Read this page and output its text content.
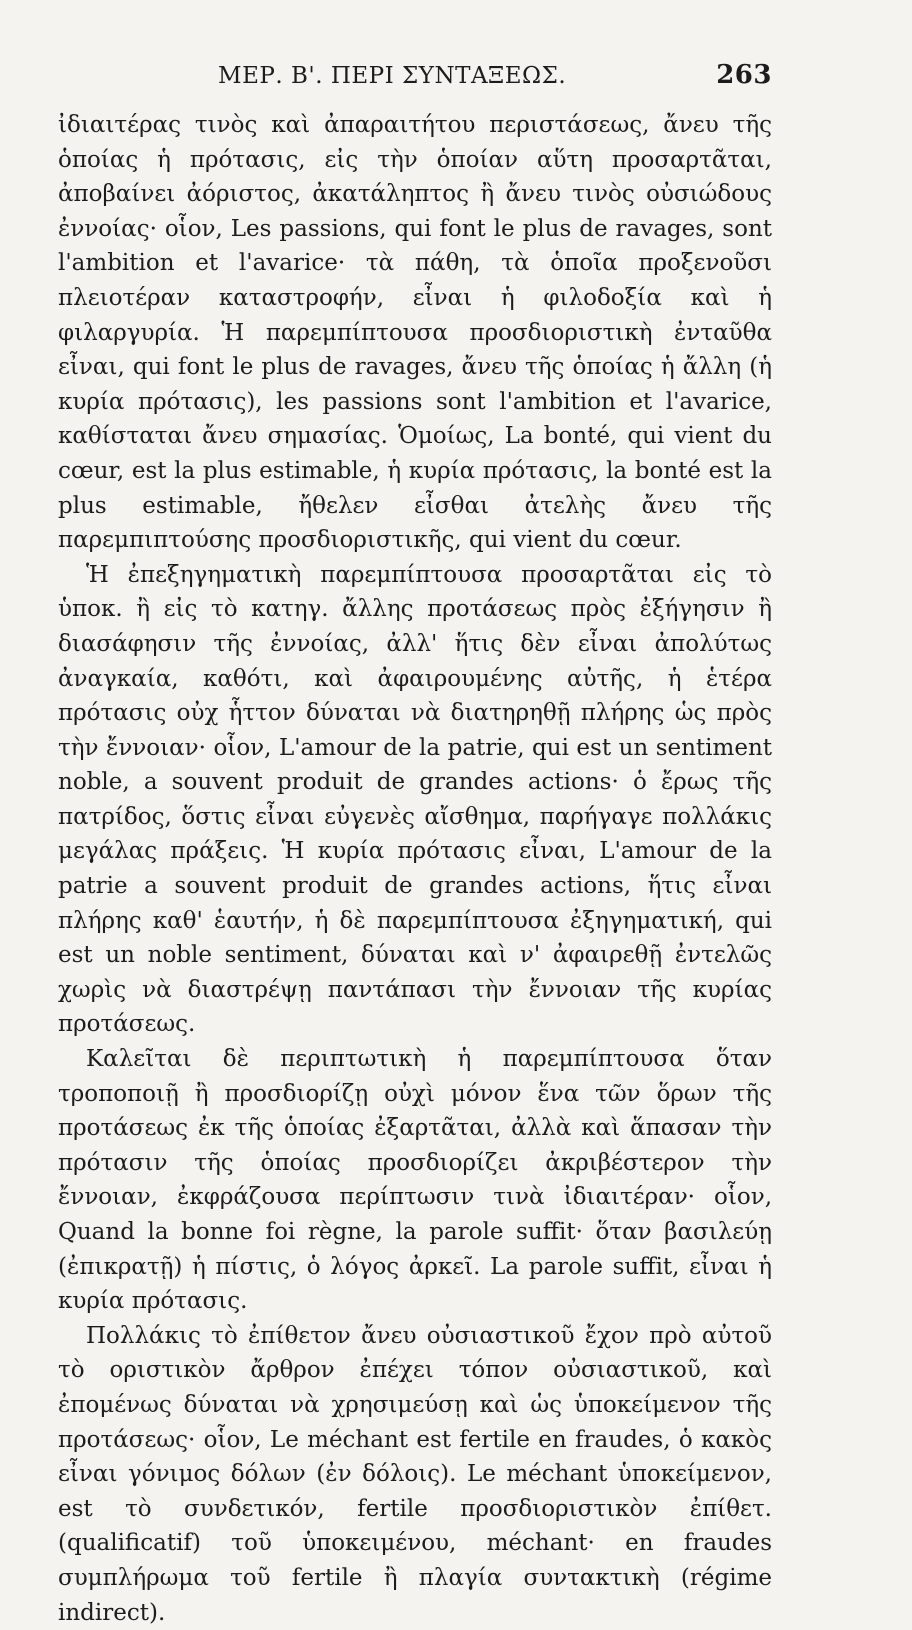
ΜΕΡ. Β'. ΠΕΡΙ ΣΥΝΤΑΞΕΩΣ.	263

ἰδιαιτέρας τινὸς καὶ ἀπαραιτήτου περιστάσεως, ἄνευ τῆς ὁποίας ἡ πρότασις, εἰς τὴν ὁποίαν αὕτη προσαρτᾶται, ἀποβαίνει ἀόριστος, ἀκατάληπτος ἢ ἄνευ τινὸς οὐσιώδους ἐννοίας· οἷον, Les passions, qui font le plus de ravages, sont l'ambition et l'avarice· τὰ πάθη, τὰ ὁποῖα προξενοῦσι πλειοτέραν καταστροφήν, εἶναι ἡ φιλοδοξία καὶ ἡ φιλαργυρία. Ἡ παρεμπίπτουσα προσδιοριστικὴ ἐνταῦθα εἶναι, qui font le plus de ravages, ἄνευ τῆς ὁποίας ἡ ἄλλη (ἡ κυρία πρότασις), les passions sont l'ambition et l'avarice, καθίσταται ἄνευ σημασίας. Ὁμοίως, La bonté, qui vient du cœur, est la plus estimable, ἡ κυρία πρότασις, la bonté est la plus estimable, ἤθελεν εἶσθαι ἀτελὴς ἄνευ τῆς παρεμπιπτούσης προσδιοριστικῆς, qui vient du cœur.

Ἡ ἐπεξηγηματικὴ παρεμπίπτουσα προσαρτᾶται εἰς τὸ ὑποκ. ἢ εἰς τὸ κατηγ. ἄλλης προτάσεως πρὸς ἐξήγησιν ἢ διασάφησιν τῆς ἐννοίας, ἀλλ' ἥτις δὲν εἶναι ἀπολύτως ἀναγκαία, καθότι, καὶ ἀφαιρουμένης αὐτῆς, ἡ ἑτέρα πρότασις οὐχ ἧττον δύναται νὰ διατηρηθῇ πλήρης ὡς πρὸς τὴν ἔννοιαν· οἷον, L'amour de la patrie, qui est un sentiment noble, a souvent produit de grandes actions· ὁ ἔρως τῆς πατρίδος, ὅστις εἶναι εὐγενὲς αἴσθημα, παρήγαγε πολλάκις μεγάλας πράξεις. Ἡ κυρία πρότασις εἶναι, L'amour de la patrie a souvent produit de grandes actions, ἥτις εἶναι πλήρης καθ' ἑαυτήν, ἡ δὲ παρεμπίπτουσα ἐξηγηματική, qui est un noble sentiment, δύναται καὶ ν' ἀφαιρεθῇ ἐντελῶς χωρὶς νὰ διαστρέψῃ παντάπασι τὴν ἔννοιαν τῆς κυρίας προτάσεως.

Καλεῖται δὲ περιπτωτικὴ ἡ παρεμπίπτουσα ὅταν τροποποιῇ ἢ προσδιορίζῃ οὐχὶ μόνον ἕνα τῶν ὅρων τῆς προτάσεως ἐκ τῆς ὁποίας ἐξαρτᾶται, ἀλλὰ καὶ ἅπασαν τὴν πρότασιν τῆς ὁποίας προσδιορίζει ἀκριβέστερον τὴν ἔννοιαν, ἐκφράζουσα περίπτωσιν τινὰ ἰδιαιτέραν· οἷον, Quand la bonne foi règne, la parole suffit· ὅταν βασιλεύῃ (ἐπικρατῇ) ἡ πίστις, ὁ λόγος ἀρκεῖ. La parole suffit, εἶναι ἡ κυρία πρότασις.

Πολλάκις τὸ ἐπίθετον ἄνευ οὐσιαστικοῦ ἔχον πρὸ αὐτοῦ τὸ οριστικὸν ἄρθρον ἐπέχει τόπον οὐσιαστικοῦ, καὶ ἐπομένως δύναται νὰ χρησιμεύσῃ καὶ ὡς ὑποκείμενον τῆς προτάσεως· οἷον, Le méchant est fertile en fraudes, ὁ κακὸς εἶναι γόνιμος δόλων (ἐν δόλοις). Le méchant ὑποκείμενον, est τὸ συνδετικόν, fertile προσδιοριστικὸν ἐπίθετ. (qualificatif) τοῦ ὑποκειμένου, méchant· en fraudes συμπλήρωμα τοῦ fertile ἢ πλαγία συντακτικὴ (régime indirect).
